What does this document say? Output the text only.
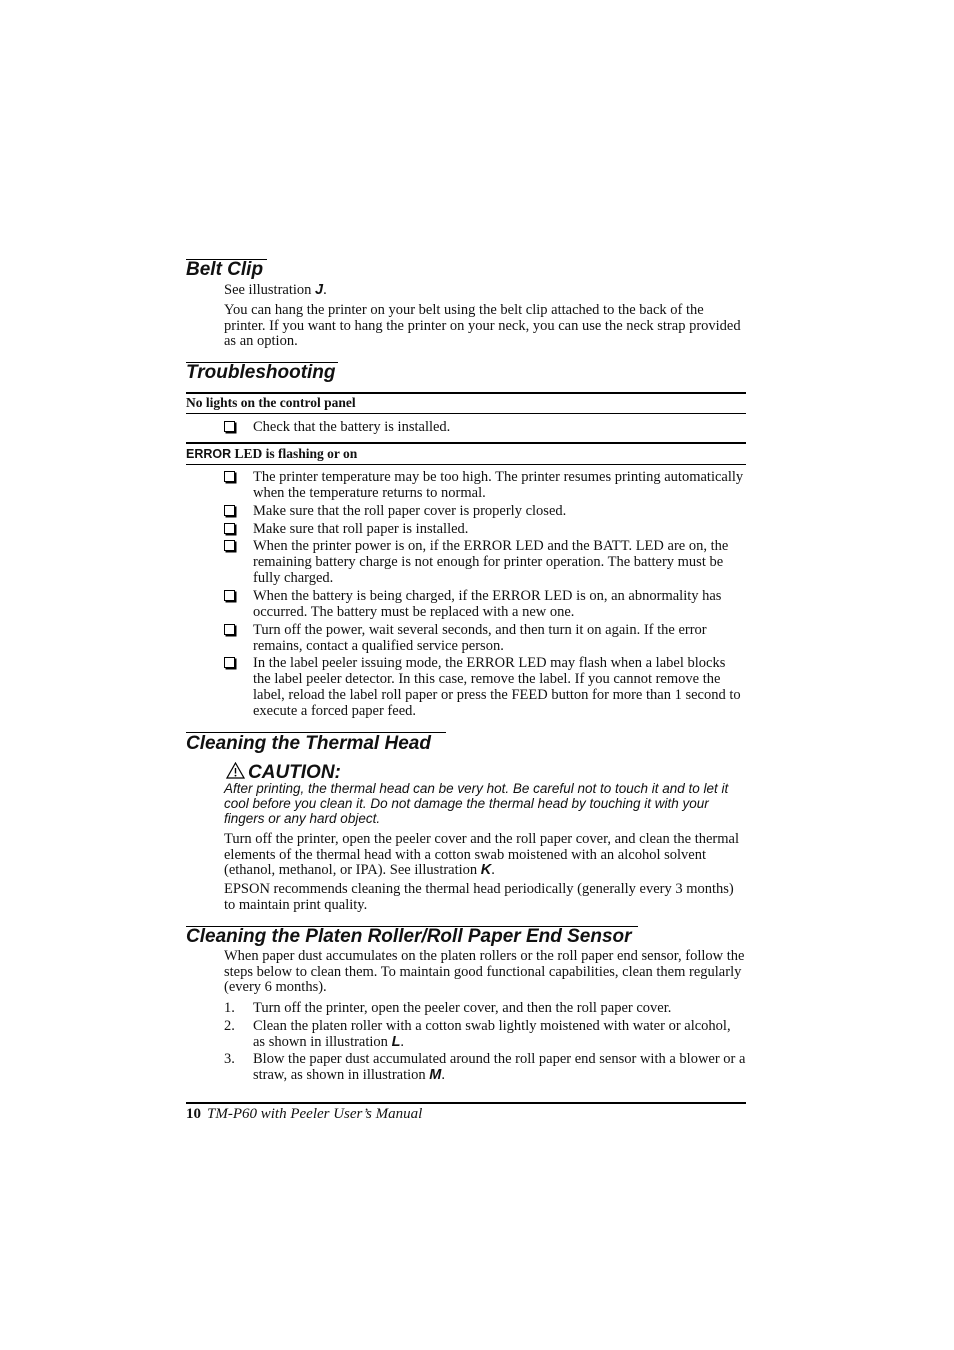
Belt Clip

See illustration J.

You can hang the printer on your belt using the belt clip attached to the back of the printer. If you want to hang the printer on your neck, you can use the neck strap provided as an option.

Troubleshooting
No lights on the control panel
Check that the battery is installed.
ERROR LED is flashing or on
The printer temperature may be too high. The printer resumes printing automatically when the temperature returns to normal.
Make sure that the roll paper cover is properly closed.
Make sure that roll paper is installed.
When the printer power is on, if the ERROR LED and the BATT. LED are on, the remaining battery charge is not enough for printer operation. The battery must be fully charged.
When the battery is being charged, if the ERROR LED is on, an abnormality has occurred. The battery must be replaced with a new one.
Turn off the power, wait several seconds, and then turn it on again. If the error remains, contact a qualified service person.
In the label peeler issuing mode, the ERROR LED may flash when a label blocks the label peeler detector. In this case, remove the label. If you cannot remove the label, reload the label roll paper or press the FEED button for more than 1 second to execute a forced paper feed.
Cleaning the Thermal Head
CAUTION:

After printing, the thermal head can be very hot. Be careful not to touch it and to let it cool before you clean it. Do not damage the thermal head by touching it with your fingers or any hard object.

Turn off the printer, open the peeler cover and the roll paper cover, and clean the thermal elements of the thermal head with a cotton swab moistened with an alcohol solvent (ethanol, methanol, or IPA). See illustration K.

EPSON recommends cleaning the thermal head periodically (generally every 3 months) to maintain print quality.

Cleaning the Platen Roller/Roll Paper End Sensor

When paper dust accumulates on the platen rollers or the roll paper end sensor, follow the steps below to clean them. To maintain good functional capabilities, clean them regularly (every 6 months).

1. Turn off the printer, open the peeler cover, and then the roll paper cover.
2. Clean the platen roller with a cotton swab lightly moistened with water or alcohol, as shown in illustration L.
3. Blow the paper dust accumulated around the roll paper end sensor with a blower or a straw, as shown in illustration M.
10 TM-P60 with Peeler User’s Manual
